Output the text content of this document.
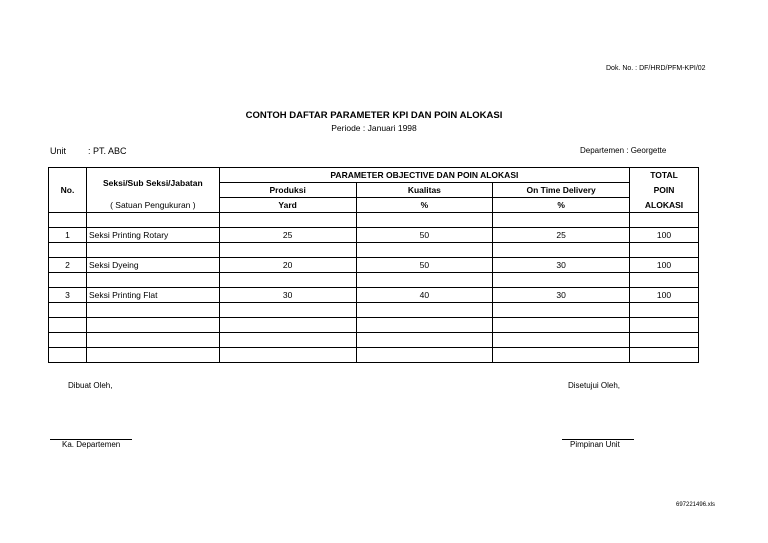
Dok. No. : DF/HRD/PFM-KPI/02
CONTOH DAFTAR PARAMETER KPI DAN POIN ALOKASI
Periode : Januari 1998
Unit : PT. ABC	Departemen : Georgette
No.	Seksi/Sub Seksi/Jabatan	PARAMETER OBJECTIVE DAN POIN ALOKASI			TOTAL
		Produksi	Kualitas	On Time Delivery	POIN
	( Satuan Pengukuran )	Yard	%	%	ALOKASI

1	Seksi Printing Rotary	25	50	25	100

2	Seksi Dyeing	20	50	30	100

3	Seksi Printing Flat	30	40	30	100

Dibuat Oleh,	Disetujui Oleh,
Ka. Departemen	Pimpinan Unit
697221496.xls
